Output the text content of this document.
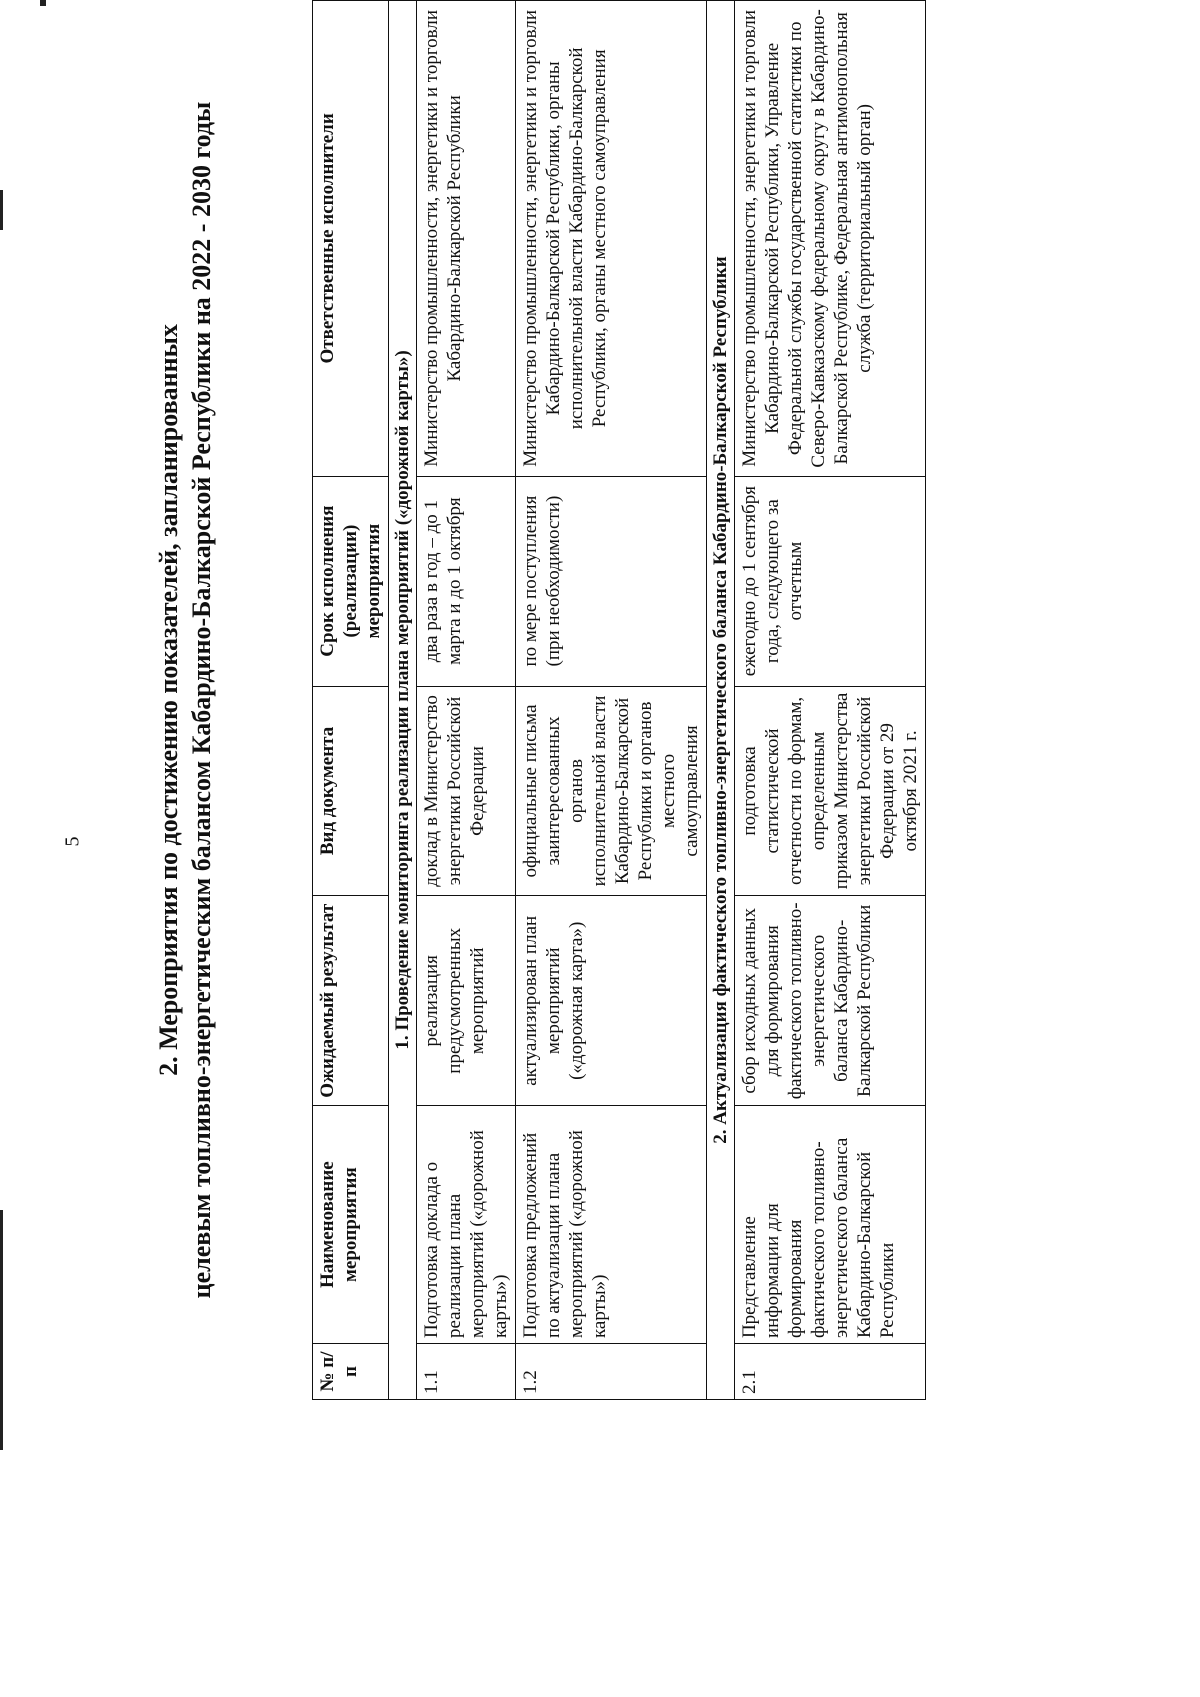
5	2. Мероприятия по достижению показателей, запланированных целевым топливно-энергетическим балансом Кабардино-Балкарской Республики на 2022 - 2030 годы
№ п/п	Наименование мероприятия	Ожидаемый результат	Вид документа	Срок исполнения (реализации) мероприятия	Ответственные исполнители
1. Проведение мониторинга реализации плана мероприятий («дорожной карты»)					
1.1	Подготовка доклада о реализации плана мероприятий («дорожной карты»)	реализация предусмотренных мероприятий	доклад в Министерство энергетики Российской Федерации	два раза в год – до 1 марта и до 1 октября	Министерство промышленности, энергетики и торговли Кабардино-Балкарской Республики
1.2	Подготовка предложений по актуализации плана мероприятий («дорожной карты»)	актуализирован план мероприятий («дорожная карта»)	официальные письма заинтересованных органов исполнительной власти Кабардино-Балкарской Республики и органов местного самоуправления	по мере поступления (при необходимости)	Министерство промышленности, энергетики и торговли Кабардино-Балкарской Республики, органы исполнительной власти Кабардино-Балкарской Республики, органы местного самоуправления
2. Актуализация фактического топливно-энергетического баланса Кабардино-Балкарской Республики					
2.1	Представление информации для формирования фактического топливно-энергетического баланса Кабардино-Балкарской Республики	сбор исходных данных для формирования фактического топливно-энергетического баланса Кабардино-Балкарской Республики	подготовка статистической отчетности по формам, определенным приказом Министерства энергетики Российской Федерации от 29 октября 2021 г.	ежегодно до 1 сентября года, следующего за отчетным	Министерство промышленности, энергетики и торговли Кабардино-Балкарской Республики, Управление Федеральной службы государственной статистики по Северо-Кавказскому федеральному округу в Кабардино-Балкарской Республике, Федеральная антимонопольная служба (территориальный орган)
